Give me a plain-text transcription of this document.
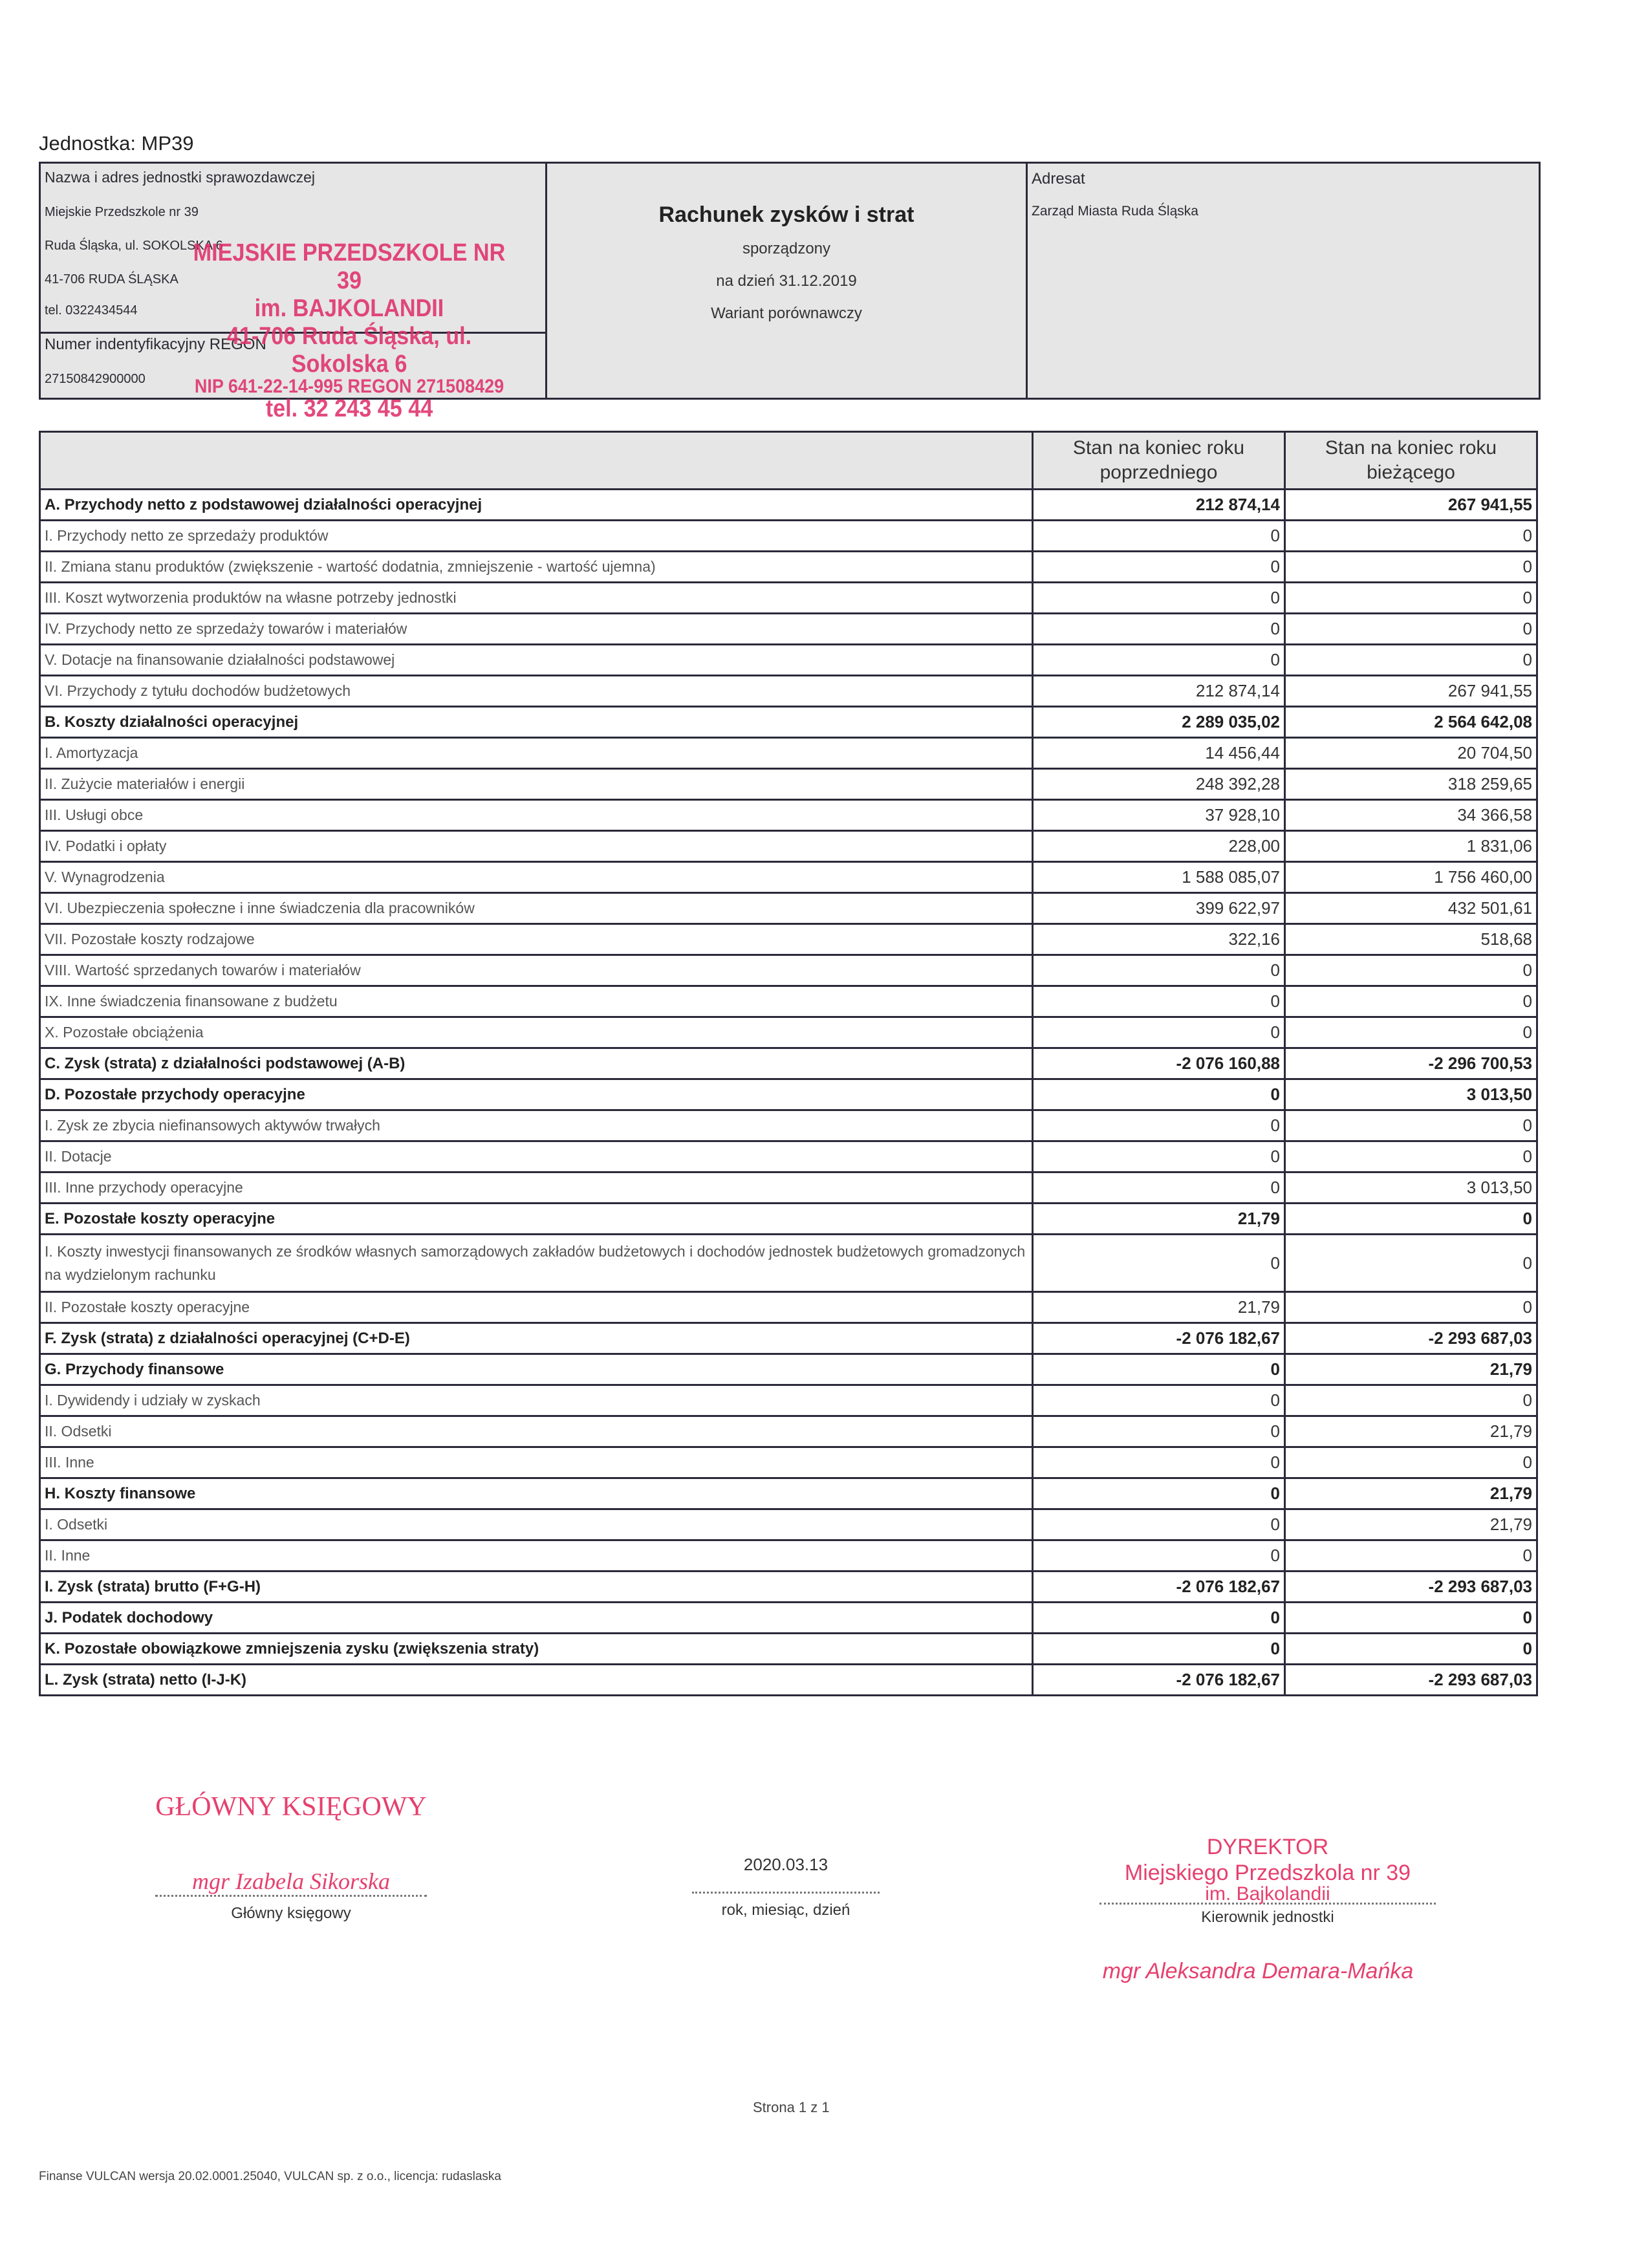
Jednostka: MP39
Nazwa i adres jednostki sprawozdawczej
Miejskie Przedszkole nr 39
Ruda Śląska, ul. SOKOLSKA 6
41-706 RUDA ŚLĄSKA
tel. 0322434544
Numer indentyfikacyjny REGON
27150842900000
Rachunek zysków i strat
sporządzony
na dzień 31.12.2019
Wariant porównawczy
Adresat
Zarząd Miasta Ruda Śląska
MIEJSKIE PRZEDSZKOLE NR 39
im. BAJKOLANDII
41-706 Ruda Śląska, ul. Sokolska 6
NIP 641-22-14-995 REGON 271508429
tel. 32 243 45 44
	Stan na koniec roku poprzedniego	Stan na koniec roku bieżącego
A. Przychody netto z podstawowej działalności operacyjnej	212 874,14	267 941,55
I. Przychody netto ze sprzedaży produktów	0	0
II. Zmiana stanu produktów (zwiększenie - wartość dodatnia, zmniejszenie - wartość ujemna)	0	0
III. Koszt wytworzenia produktów na własne potrzeby jednostki	0	0
IV. Przychody netto ze sprzedaży towarów i materiałów	0	0
V. Dotacje na finansowanie działalności podstawowej	0	0
VI. Przychody z tytułu dochodów budżetowych	212 874,14	267 941,55
B. Koszty działalności operacyjnej	2 289 035,02	2 564 642,08
I. Amortyzacja	14 456,44	20 704,50
II. Zużycie materiałów i energii	248 392,28	318 259,65
III. Usługi obce	37 928,10	34 366,58
IV. Podatki i opłaty	228,00	1 831,06
V. Wynagrodzenia	1 588 085,07	1 756 460,00
VI. Ubezpieczenia społeczne i inne świadczenia dla pracowników	399 622,97	432 501,61
VII. Pozostałe koszty rodzajowe	322,16	518,68
VIII. Wartość sprzedanych towarów i materiałów	0	0
IX. Inne świadczenia finansowane z budżetu	0	0
X. Pozostałe obciążenia	0	0
C. Zysk (strata) z działalności podstawowej (A-B)	-2 076 160,88	-2 296 700,53
D. Pozostałe przychody operacyjne	0	3 013,50
I. Zysk ze zbycia niefinansowych aktywów trwałych	0	0
II. Dotacje	0	0
III. Inne przychody operacyjne	0	3 013,50
E. Pozostałe koszty operacyjne	21,79	0
I. Koszty inwestycji finansowanych ze środków własnych samorządowych zakładów budżetowych i dochodów jednostek budżetowych gromadzonych na wydzielonym rachunku	0	0
II. Pozostałe koszty operacyjne	21,79	0
F. Zysk (strata) z działalności operacyjnej (C+D-E)	-2 076 182,67	-2 293 687,03
G. Przychody finansowe	0	21,79
I. Dywidendy i udziały w zyskach	0	0
II. Odsetki	0	21,79
III. Inne	0	0
H. Koszty finansowe	0	21,79
I. Odsetki	0	21,79
II. Inne	0	0
I. Zysk (strata) brutto (F+G-H)	-2 076 182,67	-2 293 687,03
J. Podatek dochodowy	0	0
K. Pozostałe obowiązkowe zmniejszenia zysku (zwiększenia straty)	0	0
L. Zysk (strata) netto (I-J-K)	-2 076 182,67	-2 293 687,03
GŁÓWNY KSIĘGOWY
mgr Izabela Sikorska
Główny księgowy
2020.03.13
rok, miesiąc, dzień
DYREKTOR
Miejskiego Przedszkola nr 39
im. Bajkolandii
Kierownik jednostki
mgr Aleksandra Demara-Mańka
Strona 1 z 1
Finanse VULCAN wersja 20.02.0001.25040, VULCAN sp. z o.o., licencja: rudaslaska
